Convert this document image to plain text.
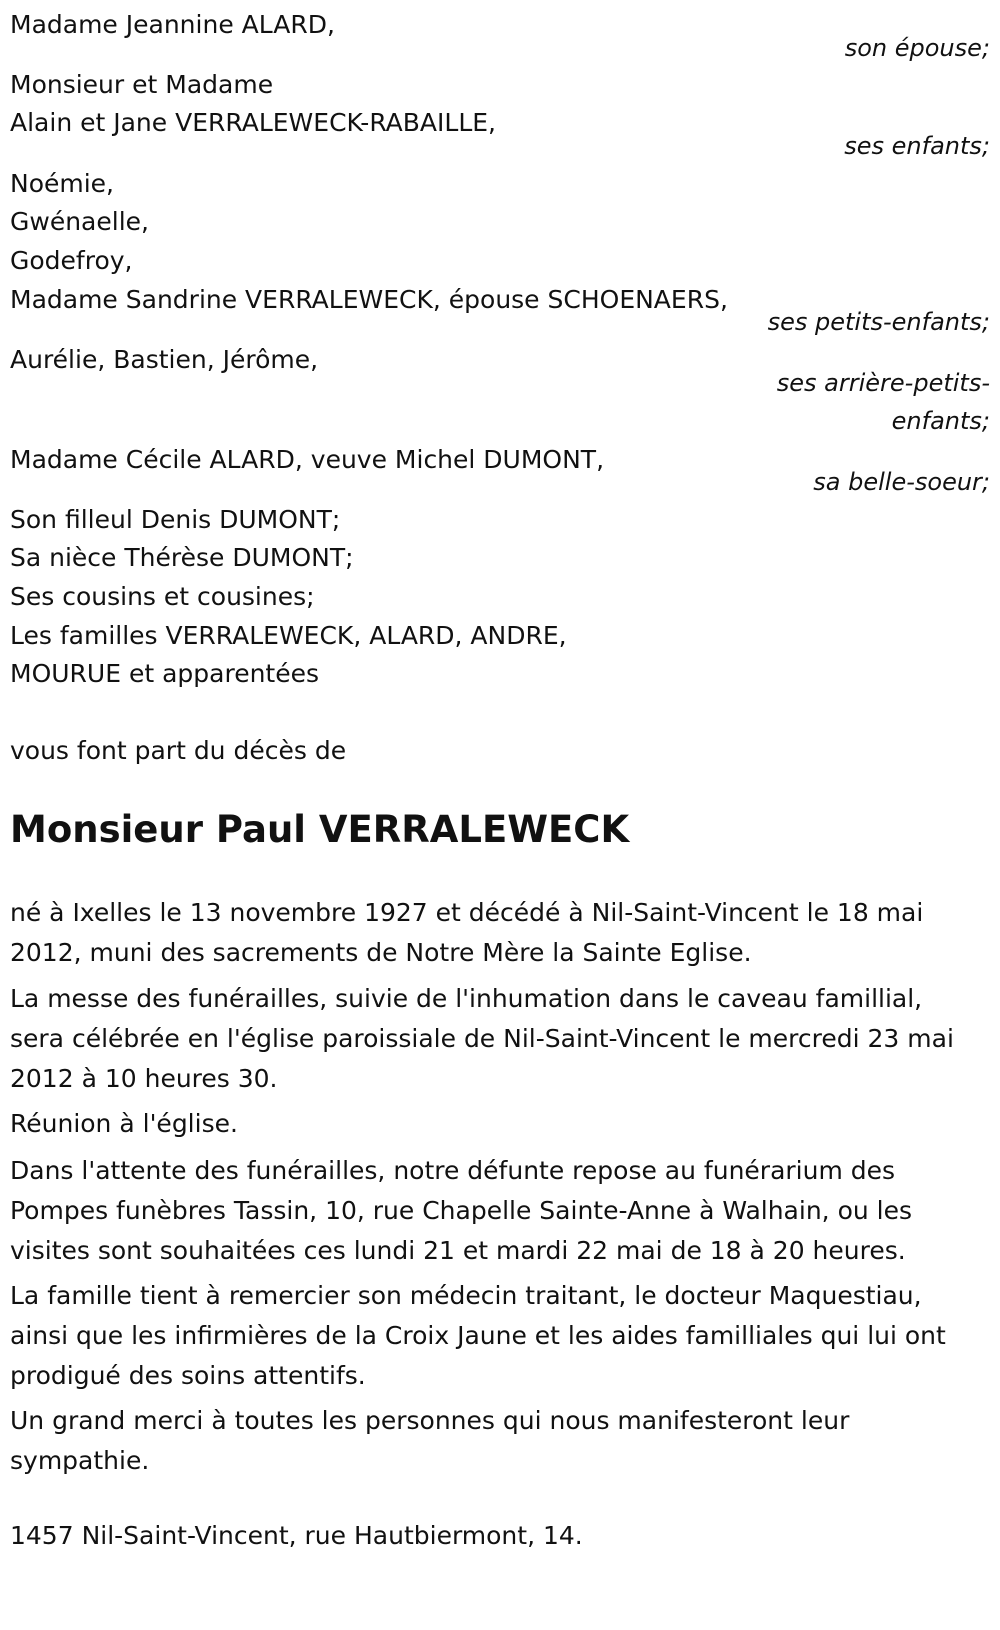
Madame Jeannine ALARD,
son épouse;
Monsieur et Madame
Alain et Jane VERRALEWECK-RABAILLE,
ses enfants;
Noémie,
Gwénaelle,
Godefroy,
Madame Sandrine VERRALEWECK, épouse SCHOENAERS,
ses petits-enfants;
Aurélie, Bastien, Jérôme,
ses arrière-petits-
enfants;
Madame Cécile ALARD, veuve Michel DUMONT,
sa belle-soeur;
Son filleul Denis DUMONT;
Sa nièce Thérèse DUMONT;
Ses cousins et cousines;
Les familles VERRALEWECK, ALARD, ANDRE,
MOURUE et apparentées
vous font part du décès de
Monsieur Paul VERRALEWECK
né à Ixelles le 13 novembre 1927 et décédé à Nil-Saint-Vincent le 18 mai 2012, muni des sacrements de Notre Mère la Sainte Eglise.
La messe des funérailles, suivie de l'inhumation dans le caveau famillial, sera célébrée en l'église paroissiale de Nil-Saint-Vincent le mercredi 23 mai 2012 à 10 heures 30.
Réunion à l'église.
Dans l'attente des funérailles, notre défunte repose au funérarium des Pompes funèbres Tassin, 10, rue Chapelle Sainte-Anne à Walhain, ou les visites sont souhaitées ces lundi 21 et mardi 22 mai de 18 à 20 heures.
La famille tient à remercier son médecin traitant, le docteur Maquestiau, ainsi que les infirmières de la Croix Jaune et les aides familliales qui lui ont prodigué des soins attentifs.
Un grand merci à toutes les personnes qui nous manifesteront leur sympathie.
1457 Nil-Saint-Vincent, rue Hautbiermont, 14.
